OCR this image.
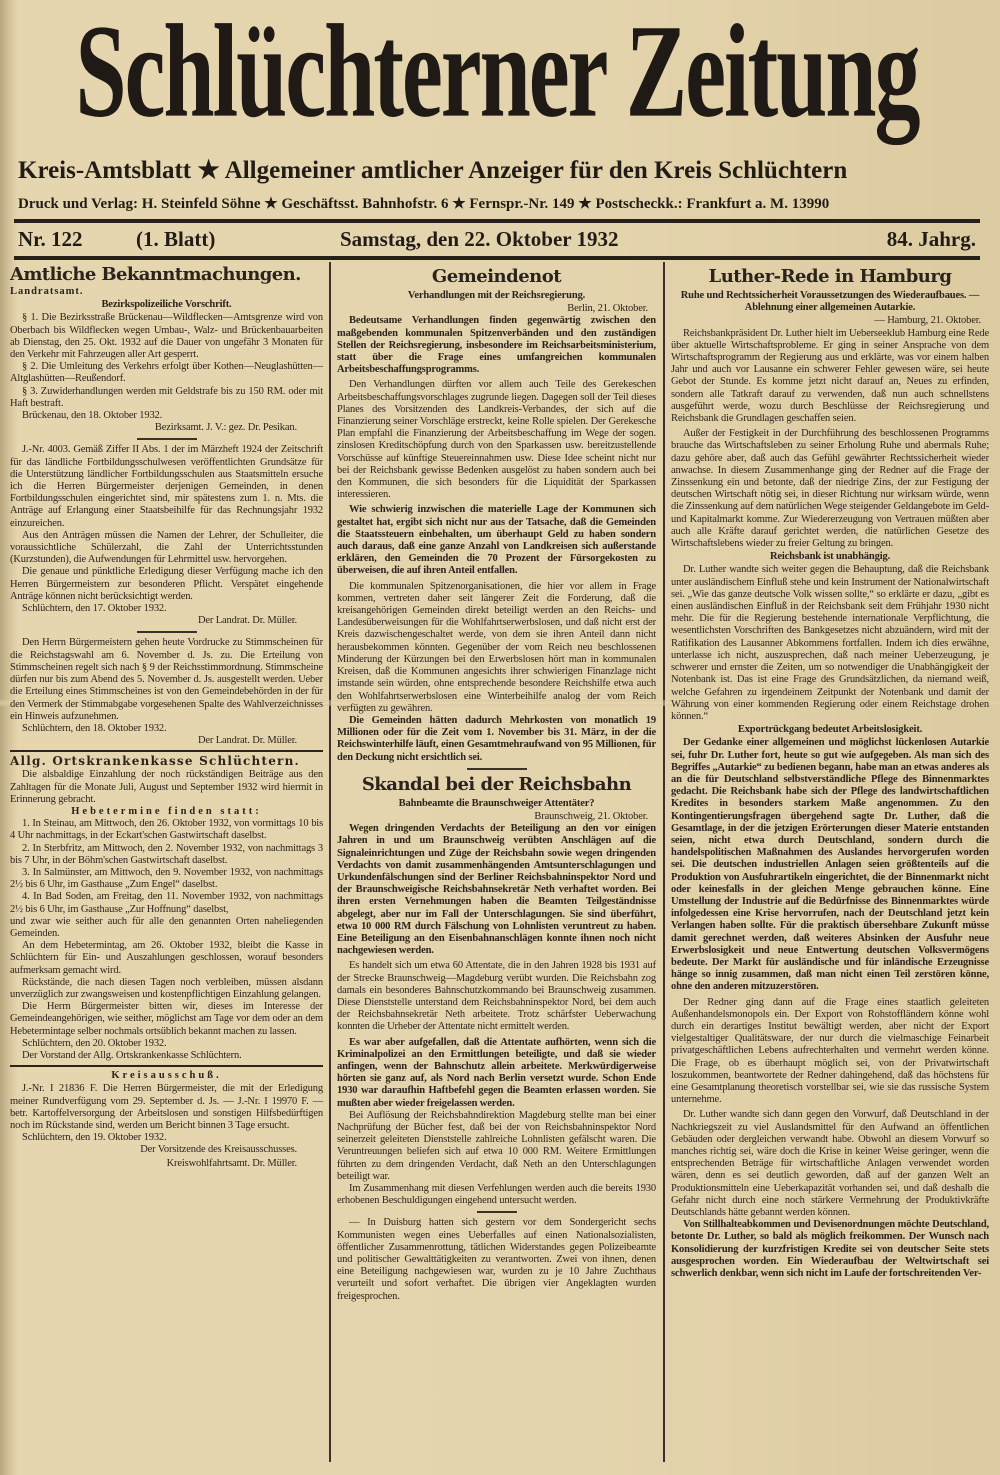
Schlüchterner Zeitung
Kreis-Amtsblatt ★ Allgemeiner amtlicher Anzeiger für den Kreis Schlüchtern
Druck und Verlag: H. Steinfeld Söhne ★ Geschäftsst. Bahnhofstr. 6 ★ Fernspr.-Nr. 149 ★ Postscheckk.: Frankfurt a. M. 13990
Nr. 122	(1. Blatt)	Samstag, den 22. Oktober 1932	84. Jahrg.
Amtliche Bekanntmachungen.
Landratsamt.
Bezirkspolizeiliche Vorschrift.

§ 1. Die Bezirksstraße Brückenau—Wildflecken—Amtsgrenze wird von Oberbach bis Wildflecken wegen Umbau-, Walz- und Brückenbauarbeiten ab Dienstag, den 25. Okt. 1932 auf die Dauer von ungefähr 3 Monaten für den Verkehr mit Fahrzeugen aller Art gesperrt.

§ 2. Die Umleitung des Verkehrs erfolgt über Kothen—Neuglashütten—Altglashütten—Reußendorf.

§ 3. Zuwiderhandlungen werden mit Geldstrafe bis zu 150 RM. oder mit Haft bestraft.

Brückenau, den 18. Oktober 1932.
Bezirksamt. J. V.: gez. Dr. Pesikan.

J.-Nr. 4003. Gemäß Ziffer II Abs. 1 der im Märzheft 1924 der Zeitschrift für das ländliche Fortbildungsschulwesen veröffentlichten Grundsätze für die Unterstützung ländlicher Fortbildungsschulen aus Staatsmitteln ersuche ich die Herren Bürgermeister derjenigen Gemeinden, in denen Fortbildungsschulen eingerichtet sind, mir spätestens zum 1. n. Mts. die Anträge auf Erlangung einer Staatsbeihilfe für das Rechnungsjahr 1932 einzureichen.

Aus den Anträgen müssen die Namen der Lehrer, der Schulleiter, die voraussichtliche Schülerzahl, die Zahl der Unterrichtsstunden (Kurzstunden), die Aufwendungen für Lehrmittel usw. hervorgehen.

Die genaue und pünktliche Erledigung dieser Verfügung mache ich den Herren Bürgermeistern zur besonderen Pflicht. Verspätet eingehende Anträge können nicht berücksichtigt werden.

Schlüchtern, den 17. Oktober 1932.
Der Landrat. Dr. Müller.

Den Herrn Bürgermeistern gehen heute Vordrucke zu Stimmscheinen für die Reichstagswahl am 6. November d. Js. zu. Die Erteilung von Stimmscheinen regelt sich nach § 9 der Reichsstimmordnung. Stimmscheine dürfen nur bis zum Abend des 5. November d. Js. ausgestellt werden. Ueber die Erteilung eines Stimmscheines ist von den Gemeindebehörden in der für den Vermerk der Stimmabgabe vorgesehenen Spalte des Wahlverzeichnisses ein Hinweis aufzunehmen.

Schlüchtern, den 18. Oktober 1932.
Der Landrat. Dr. Müller.
Allg. Ortskrankenkasse Schlüchtern.

Die alsbaldige Einzahlung der noch rückständigen Beiträge aus den Zahltagen für die Monate Juli, August und September 1932 wird hiermit in Erinnerung gebracht.

Hebetermine finden statt:

1. In Steinau, am Mittwoch, den 26. Oktober 1932, von vormittags 10 bis 4 Uhr nachmittags, in der Eckart'schen Gastwirtschaft daselbst.

2. In Sterbfritz, am Mittwoch, den 2. November 1932, von nachmittags 3 bis 7 Uhr, in der Böhm'schen Gastwirtschaft daselbst.

3. In Salmünster, am Mittwoch, den 9. November 1932, von nachmittags 2½ bis 6 Uhr, im Gasthause „Zum Engel“ daselbst.

4. In Bad Soden, am Freitag, den 11. November 1932, von nachmittags 2½ bis 6 Uhr, im Gasthause „Zur Hoffnung“ daselbst,

und zwar wie seither auch für alle den genannten Orten naheliegenden Gemeinden.

An dem Hebetermintag, am 26. Oktober 1932, bleibt die Kasse in Schlüchtern für Ein- und Auszahlungen geschlossen, worauf besonders aufmerksam gemacht wird.

Rückstände, die nach diesen Tagen noch verbleiben, müssen alsdann unverzüglich zur zwangsweisen und kostenpflichtigen Einzahlung gelangen.

Die Herrn Bürgermeister bitten wir, dieses im Interesse der Gemeindeangehörigen, wie seither, möglichst am Tage vor dem oder an dem Hebetermintage selber nochmals ortsüblich bekannt machen zu lassen.

Schlüchtern, den 20. Oktober 1932.
Der Vorstand der Allg. Ortskrankenkasse Schlüchtern.
Kreisausschuß.

J.-Nr. I 21836 F. Die Herren Bürgermeister, die mit der Erledigung meiner Rundverfügung vom 29. September d. Js. — J.-Nr. I 19970 F. — betr. Kartoffelversorgung der Arbeitslosen und sonstigen Hilfsbedürftigen noch im Rückstande sind, werden um Bericht binnen 3 Tage ersucht.

Schlüchtern, den 19. Oktober 1932.
Der Vorsitzende des Kreisausschusses.
Kreiswohlfahrtsamt. Dr. Müller.
Gemeindenot
Verhandlungen mit der Reichsregierung.
Berlin, 21. Oktober.

Bedeutsame Verhandlungen finden gegenwärtig zwischen den maßgebenden kommunalen Spitzenverbänden und den zuständigen Stellen der Reichsregierung, insbesondere im Reichsarbeitsministerium, statt über die Frage eines umfangreichen kommunalen Arbeitsbeschaffungsprogramms.

Den Verhandlungen dürften vor allem auch Teile des Gerekeschen Arbeitsbeschaffungsvorschlages zugrunde liegen. Dagegen soll der Teil dieses Planes des Vorsitzenden des Landkreis-Verbandes, der sich auf die Finanzierung seiner Vorschläge erstreckt, keine Rolle spielen. Der Gerekesche Plan empfahl die Finanzierung der Arbeitsbeschaffung im Wege der sogen. zinslosen Kreditschöpfung durch von den Sparkassen usw. bereitzustellende Vorschüsse auf künftige Steuereinnahmen usw. Diese Idee scheint nicht nur bei der Reichsbank gewisse Bedenken ausgelöst zu haben sondern auch bei den Kommunen, die sich besonders für die Liquidität der Sparkassen interessieren.

Wie schwierig inzwischen die materielle Lage der Kommunen sich gestaltet hat, ergibt sich nicht nur aus der Tatsache, daß die Gemeinden die Staatssteuern einbehalten, um überhaupt Geld zu haben sondern auch daraus, daß eine ganze Anzahl von Landkreisen sich außerstande erklären, den Gemeinden die 70 Prozent der Fürsorgekosten zu überweisen, die auf ihren Anteil entfallen.

Die kommunalen Spitzenorganisationen, die hier vor allem in Frage kommen, vertreten daher seit längerer Zeit die Forderung, daß die kreisangehörigen Gemeinden direkt beteiligt werden an den Reichs- und Landesüberweisungen für die Wohlfahrtserwerbslosen, und daß nicht erst der Kreis dazwischengeschaltet werde, von dem sie ihren Anteil dann nicht herausbekommen könnten. Gegenüber der vom Reich neu beschlossenen Minderung der Kürzungen bei den Erwerbslosen hört man in kommunalen Kreisen, daß die Kommunen angesichts ihrer schwierigen Finanzlage nicht imstande sein würden, ohne entsprechende besondere Reichshilfe etwa auch den Wohlfahrtserwerbslosen eine Winterbeihilfe analog der vom Reich verfügten zu gewähren.

Die Gemeinden hätten dadurch Mehrkosten von monatlich 19 Millionen oder für die Zeit vom 1. November bis 31. März, in der die Reichswinterhilfe läuft, einen Gesamtmehraufwand von 95 Millionen, für den Deckung nicht ersichtlich sei.

Skandal bei der Reichsbahn
Bahnbeamte die Braunschweiger Attentäter?
Braunschweig, 21. Oktober.

Wegen dringenden Verdachts der Beteiligung an den vor einigen Jahren in und um Braunschweig verübten Anschlägen auf die Signaleinrichtungen und Züge der Reichsbahn sowie wegen dringenden Verdachts von damit zusammenhängenden Amtsunterschlagungen und Urkundenfälschungen sind der Berliner Reichsbahninspektor Nord und der Braunschweigische Reichsbahnsekretär Neth verhaftet worden. Bei ihren ersten Vernehmungen haben die Beamten Teilgeständnisse abgelegt, aber nur im Fall der Unterschlagungen. Sie sind überführt, etwa 10 000 RM durch Fälschung von Lohnlisten veruntreut zu haben. Eine Beteiligung an den Eisenbahnanschlägen konnte ihnen noch nicht nachgewiesen werden.

Es handelt sich um etwa 60 Attentate, die in den Jahren 1928 bis 1931 auf der Strecke Braunschweig—Magdeburg verübt wurden. Die Reichsbahn zog damals ein besonderes Bahnschutzkommando bei Braunschweig zusammen. Diese Dienststelle unterstand dem Reichsbahninspektor Nord, bei dem auch der Reichsbahnsekretär Neth arbeitete. Trotz schärfster Ueberwachung konnten die Urheber der Attentate nicht ermittelt werden.

Es war aber aufgefallen, daß die Attentate aufhörten, wenn sich die Kriminalpolizei an den Ermittlungen beteiligte, und daß sie wieder anfingen, wenn der Bahnschutz allein arbeitete. Merkwürdigerweise hörten sie ganz auf, als Nord nach Berlin versetzt wurde. Schon Ende 1930 war daraufhin Haftbefehl gegen die Beamten erlassen worden. Sie mußten aber wieder freigelassen werden.

Bei Auflösung der Reichsbahndirektion Magdeburg stellte man bei einer Nachprüfung der Bücher fest, daß bei der von Reichsbahninspektor Nord seinerzeit geleiteten Dienststelle zahlreiche Lohnlisten gefälscht waren. Die Veruntreuungen beliefen sich auf etwa 10 000 RM. Weitere Ermittlungen führten zu dem dringenden Verdacht, daß Neth an den Unterschlagungen beteiligt war.

Im Zusammenhang mit diesen Verfehlungen werden auch die bereits 1930 erhobenen Beschuldigungen eingehend untersucht werden.

— In Duisburg hatten sich gestern vor dem Sondergericht sechs Kommunisten wegen eines Ueberfalles auf einen Nationalsozialisten, öffentlicher Zusammenrottung, tätlichen Widerstandes gegen Polizeibeamte und politischer Gewalttätigkeiten zu verantworten. Zwei von ihnen, denen eine Beteiligung nachgewiesen war, wurden zu je 10 Jahre Zuchthaus verurteilt und sofort verhaftet. Die übrigen vier Angeklagten wurden freigesprochen.

Luther-Rede in Hamburg
Ruhe und Rechtssicherheit Voraussetzungen des Wiederaufbaues. — Ablehnung einer allgemeinen Autarkie.
— Hamburg, 21. Oktober.

Reichsbankpräsident Dr. Luther hielt im Ueberseeklub Hamburg eine Rede über aktuelle Wirtschaftsprobleme. Er ging in seiner Ansprache von dem Wirtschaftsprogramm der Regierung aus und erklärte, was vor einem halben Jahr und auch vor Lausanne ein schwerer Fehler gewesen wäre, sei heute Gebot der Stunde. Es komme jetzt nicht darauf an, Neues zu erfinden, sondern alle Tatkraft darauf zu verwenden, daß nun auch schnellstens ausgeführt werde, wozu durch Beschlüsse der Reichsregierung und Reichsbank die Grundlagen geschaffen seien.

Außer der Festigkeit in der Durchführung des beschlossenen Programms brauche das Wirtschaftsleben zu seiner Erholung Ruhe und abermals Ruhe; dazu gehöre aber, daß auch das Gefühl gewährter Rechtssicherheit wieder anwachse. In diesem Zusammenhange ging der Redner auf die Frage der Zinssenkung ein und betonte, daß der niedrige Zins, der zur Festigung der deutschen Wirtschaft nötig sei, in dieser Richtung nur wirksam würde, wenn die Zinssenkung auf dem natürlichen Wege steigender Geldangebote im Geld- und Kapitalmarkt komme. Zur Wiedererzeugung von Vertrauen müßten aber auch alle Kräfte darauf gerichtet werden, die natürlichen Gesetze des Wirtschaftslebens wieder zu freier Geltung zu bringen.

Reichsbank ist unabhängig.

Dr. Luther wandte sich weiter gegen die Behauptung, daß die Reichsbank unter ausländischem Einfluß stehe und kein Instrument der Nationalwirtschaft sei. „Wie das ganze deutsche Volk wissen sollte,“ so erklärte er dazu, „gibt es einen ausländischen Einfluß in der Reichsbank seit dem Frühjahr 1930 nicht mehr. Die für die Regierung bestehende internationale Verpflichtung, die wesentlichsten Vorschriften des Bankgesetzes nicht abzuändern, wird mit der Ratifikation des Lausanner Abkommens fortfallen. Indem ich dies erwähne, unterlasse ich nicht, auszusprechen, daß nach meiner Ueberzeugung, je schwerer und ernster die Zeiten, um so notwendiger die Unabhängigkeit der Notenbank ist. Das ist eine Frage des Grundsätzlichen, da niemand weiß, welche Gefahren zu irgendeinem Zeitpunkt der Notenbank und damit der Währung von einer kommenden Regierung oder einem Reichstage drohen können.“

Exportrückgang bedeutet Arbeitslosigkeit.

Der Gedanke einer allgemeinen und möglichst lückenlosen Autarkie sei, fuhr Dr. Luther fort, heute so gut wie aufgegeben. Als man sich des Begriffes „Autarkie“ zu bedienen begann, habe man an etwas anderes als an die für Deutschland selbstverständliche Pflege des Binnenmarktes gedacht. Die Reichsbank habe sich der Pflege des landwirtschaftlichen Kredites in besonders starkem Maße angenommen. Zu den Kontingentierungsfragen übergehend sagte Dr. Luther, daß die Gesamtlage, in der die jetzigen Erörterungen dieser Materie entstanden seien, nicht etwa durch Deutschland, sondern durch die handelspolitischen Maßnahmen des Auslandes hervorgerufen worden sei. Die deutschen industriellen Anlagen seien größtenteils auf die Produktion von Ausfuhrartikeln eingerichtet, die der Binnenmarkt nicht oder keinesfalls in der gleichen Menge gebrauchen könne. Eine Umstellung der Industrie auf die Bedürfnisse des Binnenmarktes würde infolgedessen eine Krise hervorrufen, nach der Deutschland jetzt kein Verlangen haben sollte. Für die praktisch übersehbare Zukunft müsse damit gerechnet werden, daß weiteres Absinken der Ausfuhr neue Erwerbslosigkeit und neue Entwertung deutschen Volksvermögens bedeute. Der Markt für ausländische und für inländische Erzeugnisse hänge so innig zusammen, daß man nicht einen Teil zerstören könne, ohne den anderen mitzuzerstören.

Der Redner ging dann auf die Frage eines staatlich geleiteten Außenhandelsmonopols ein. Der Export von Rohstoffländern könne wohl durch ein derartiges Institut bewältigt werden, aber nicht der Export vielgestaltiger Qualitätsware, der nur durch die vielmaschige Feinarbeit privatgeschäftlichen Lebens aufrechterhalten und vermehrt werden könne. Die Frage, ob es überhaupt möglich sei, von der Privatwirtschaft loszukommen, beantwortete der Redner dahingehend, daß das höchstens für eine Gesamtplanung theoretisch vorstellbar sei, wie sie das russische System unternehme.

Dr. Luther wandte sich dann gegen den Vorwurf, daß Deutschland in der Nachkriegszeit zu viel Auslandsmittel für den Aufwand an öffentlichen Gebäuden oder dergleichen verwandt habe. Obwohl an diesem Vorwurf so manches richtig sei, wäre doch die Krise in keiner Weise geringer, wenn die entsprechenden Beträge für wirtschaftliche Anlagen verwendet worden wären, denn es sei deutlich geworden, daß auf der ganzen Welt an Produktionsmitteln eine Ueberkapazität vorhanden sei, und daß deshalb die Gefahr nicht durch eine noch stärkere Vermehrung der Produktivkräfte Deutschlands hätte gebannt werden können.

Von Stillhalteabkommen und Devisenordnungen möchte Deutschland, betonte Dr. Luther, so bald als möglich freikommen. Der Wunsch nach Konsolidierung der kurzfristigen Kredite sei von deutscher Seite stets ausgesprochen worden. Ein Wiederaufbau der Weltwirtschaft sei schwerlich denkbar, wenn sich nicht im Laufe der fortschreitenden Ver-
